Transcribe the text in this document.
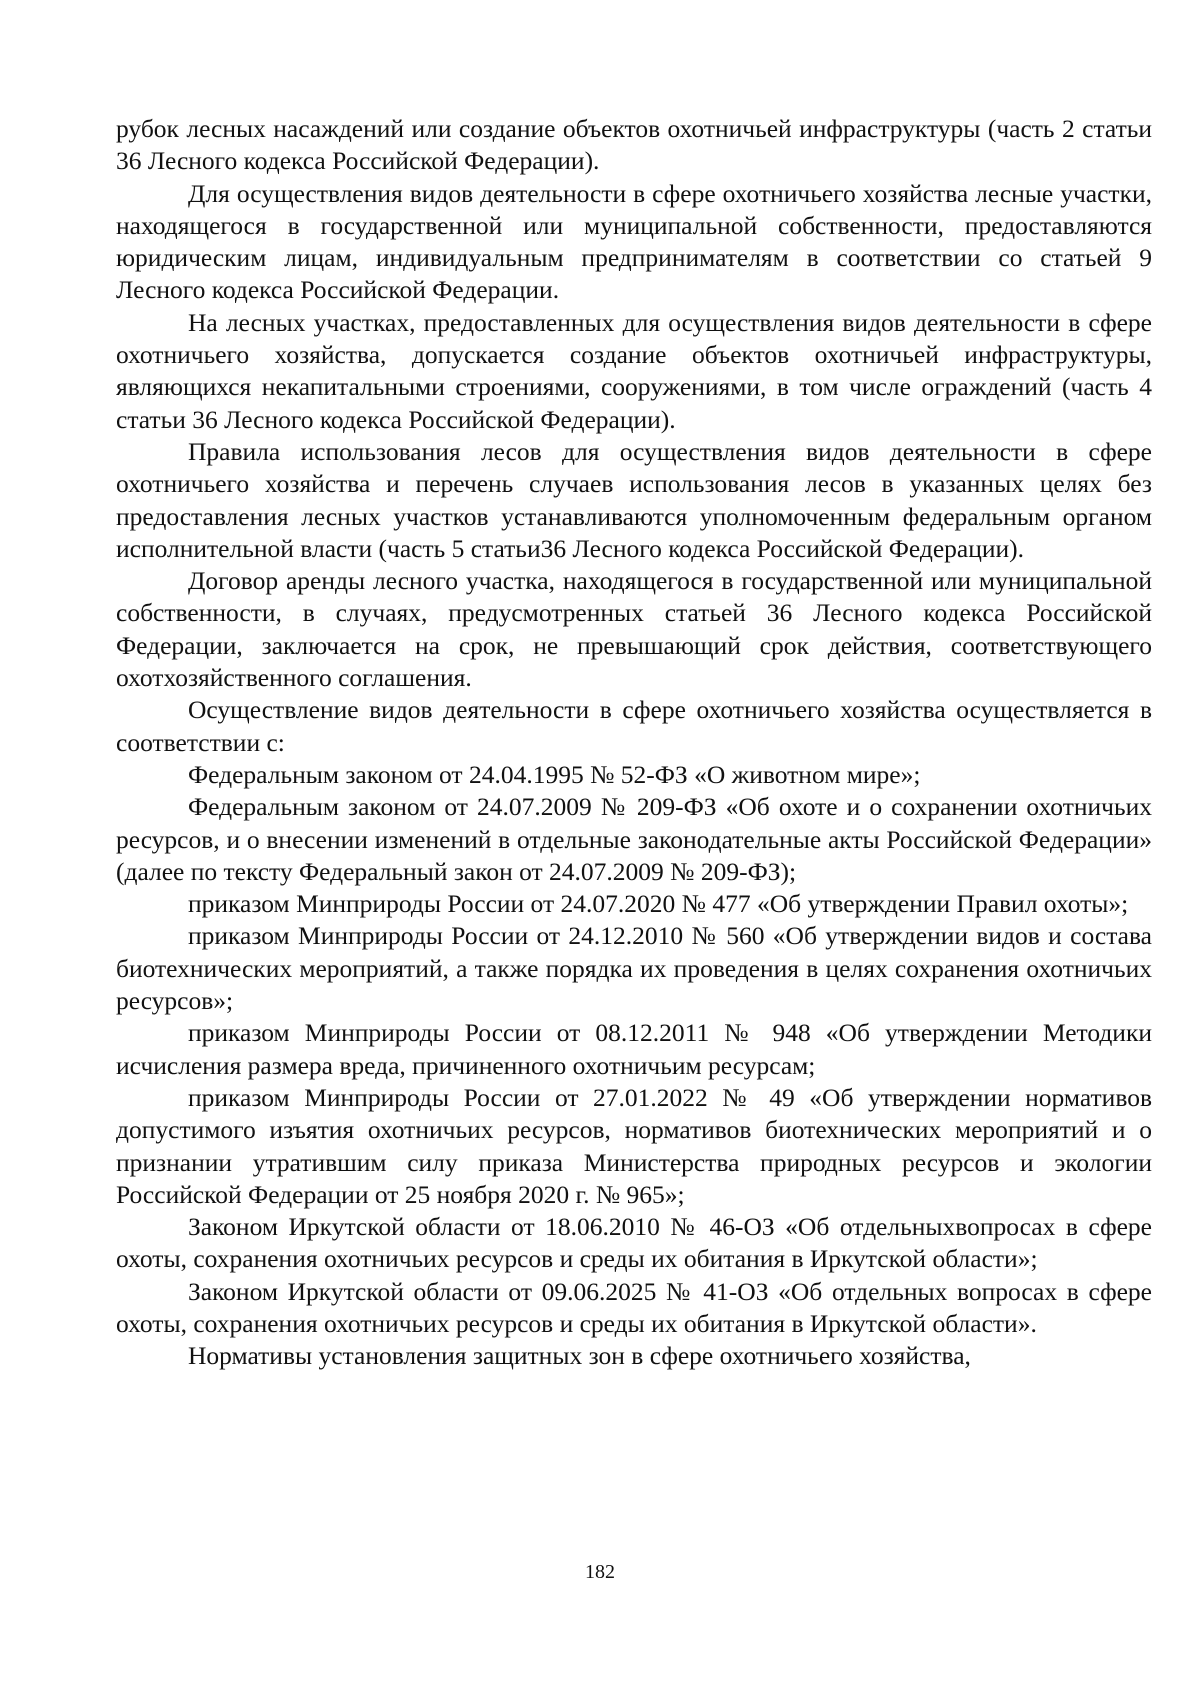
рубок лесных насаждений или создание объектов охотничьей инфраструктуры (часть 2 статьи 36 Лесного кодекса Российской Федерации).

Для осуществления видов деятельности в сфере охотничьего хозяйства лесные участки, находящегося в государственной или муниципальной собственности, предоставляются юридическим лицам, индивидуальным предпринимателям в соответствии со статьей 9 Лесного кодекса Российской Федерации.

На лесных участках, предоставленных для осуществления видов деятельности в сфере охотничьего хозяйства, допускается создание объектов охотничьей инфраструктуры, являющихся некапитальными строениями, сооружениями, в том числе ограждений (часть 4 статьи 36 Лесного кодекса Российской Федерации).

Правила использования лесов для осуществления видов деятельности в сфере охотничьего хозяйства и перечень случаев использования лесов в указанных целях без предоставления лесных участков устанавливаются уполномоченным федеральным органом исполнительной власти (часть 5 статьи36 Лесного кодекса Российской Федерации).

Договор аренды лесного участка, находящегося в государственной или муниципальной собственности, в случаях, предусмотренных статьей 36 Лесного кодекса Российской Федерации, заключается на срок, не превышающий срок действия, соответствующего охотхозяйственного соглашения.

Осуществление видов деятельности в сфере охотничьего хозяйства осуществляется в соответствии с:

Федеральным законом от 24.04.1995 № 52-ФЗ «О животном мире»;

Федеральным законом от 24.07.2009 № 209-ФЗ «Об охоте и о сохранении охотничьих ресурсов, и о внесении изменений в отдельные законодательные акты Российской Федерации» (далее по тексту Федеральный закон от 24.07.2009 № 209-ФЗ);

приказом Минприроды России от 24.07.2020 № 477 «Об утверждении Правил охоты»;

приказом Минприроды России от 24.12.2010 № 560 «Об утверждении видов и состава биотехнических мероприятий, а также порядка их проведения в целях сохранения охотничьих ресурсов»;

приказом Минприроды России от 08.12.2011 № 948 «Об утверждении Методики исчисления размера вреда, причиненного охотничьим ресурсам;

приказом Минприроды России от 27.01.2022 № 49 «Об утверждении нормативов допустимого изъятия охотничьих ресурсов, нормативов биотехнических мероприятий и о признании утратившим силу приказа Министерства природных ресурсов и экологии Российской Федерации от 25 ноября 2020 г. № 965»;

Законом Иркутской области от 18.06.2010 № 46-ОЗ «Об отдельныхвопросах в сфере охоты, сохранения охотничьих ресурсов и среды их обитания в Иркутской области»;

Законом Иркутской области от 09.06.2025 № 41-ОЗ «Об отдельных вопросах в сфере охоты, сохранения охотничьих ресурсов и среды их обитания в Иркутской области».

Нормативы установления защитных зон в сфере охотничьего хозяйства,

182
